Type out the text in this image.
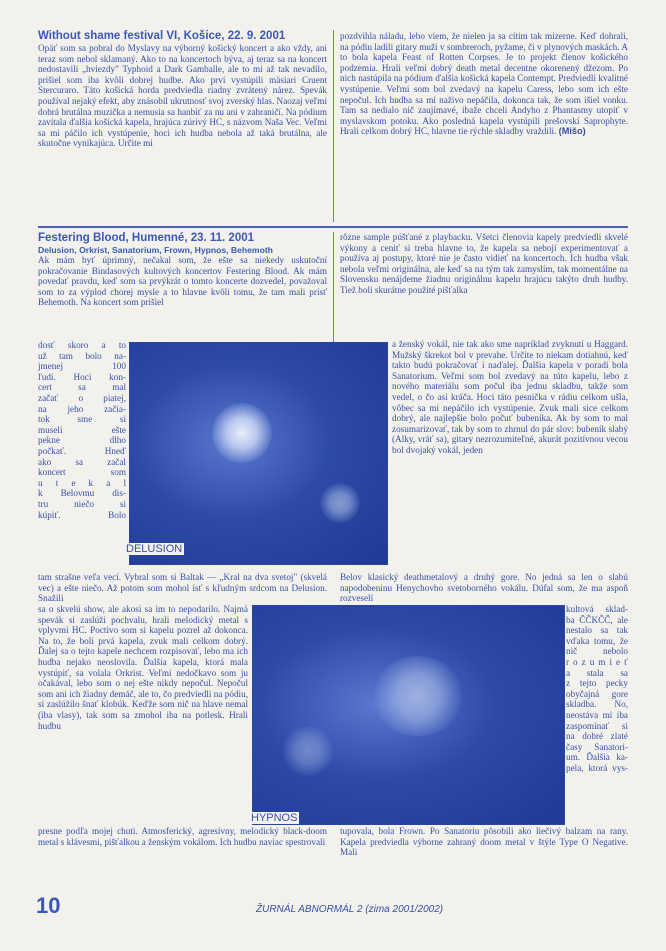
Without shame festival VI, Košice, 22. 9. 2001

Opäť som sa pobral do Myslavy na výborný košický koncert a ako vždy, ani teraz som nebol sklamaný. Ako to na koncertoch býva, aj teraz sa na koncert nedostavili „hviezdy" Typhoid a Dark Gamballe, ale to mi až tak nevadilo, prišiel som iba kvôli dobrej hudbe. Ako prví vystúpili mäsiari Cruent Stercuraro. Táto košická horda predviedla riadny zvrátený nárez. Spevák používal nejaký efekt, aby znásobil ukrutnosť svoj zverský hlas. Naozaj veľmi dobrá brutálna muzička a nemusia sa hanbiť za nu ani v zahraničí. Na pódium zavítala ďalšia košická kapela, hrajúca zúrivý HC, s názvom Naša Vec. Veľmi sa mi páčilo ich vystúpenie, hoci ich hudba nebola až taká brutálna, ale skutočne vynikajúca. Určite mi

pozdvihla náladu, lebo viem, že nielen ja sa cítim tak mizerne. Keď dohrali, na pódiu ladili gitary muži v sombreroch, pyžame, či v plynových maskách. A to bola kapela Feast of Rotten Corpses. Je to projekt členov košického podzemia. Hrali veľmi dobrý death metal decentne okorenený džezom. Po nich nastúpila na pódium ďalšia košická kapela Contempt. Predviedli kvalitné vystúpenie. Veľmi som bol zvedavý na kapelu Caress, lebo som ich ešte nepočul. Ich hudba sa mi naživo nepáčila, dokonca tak, že som išiel vonku. Tam sa nedialo nič zaujímavé, ibaže chceli Andyho z Phantasmy utopiť v myslavskom potoku. Ako posledná kapela vystúpili prešovskí Saprophyte. Hrali celkom dobrý HC, hlavne tie rýchle skladby vraždili. (Mišo)

Festering Blood, Humenné, 23. 11. 2001
Delusion, Orkrist, Sanatorium, Frown, Hypnos, Behemoth

Ak mám byť úprimný, nečakal som, že ešte sa niekedy uskutoční pokračovanie Bindasových kultových koncertov Festering Blood. Ak mám povedať pravdu, keď som sa prvýkrát o tomto koncerte dozvedel, považoval som to za výplod chorej mysle a to hlavne kvôli tomu, že tam mali prísť Behemoth. Na koncert som prišiel

dosť skoro a to
už tam bolo na-
jmenej 100
ľudí. Hoci kon-
cert sa mal
začať o piatej,
na jeho začia-
tok sme si
museli ešte
pekne dlho
počkať. Hneď
ako sa začal
koncert som
u t e k a l
k Belovmu dis-
tru niečo si
kúpiť. Bolo
DELUSION

tam strašne veľa vecí. Vybral som si Baltak — „Kral na dva svetoj" (skvelá vec) a ešte niečo. Až potom som mohol ísť s kľudným srdcom na Delusion. Snažili

sa o skvelú show, ale akosi sa im to nepodarilo. Najmä spevák si zaslúži pochvalu, hrali melodický metal s vplyvmi HC. Poctivo som si kapelu pozrel až dokonca. Na to, že boli prvá kapela, zvuk mali celkom dobrý. Ďalej sa o tejto kapele nechcem rozpisovať, lebo ma ich hudba nejako neoslovila. Ďalšia kapela, ktorá mala vystúpiť, sa volala Orkrist. Veľmi nedočkavo som ju očakával, lebo som o nej ešte nikdy nepočul. Nepočul som ani ich žiadny demáč, ale to, čo predviedli na pódiu, si zaslúžilo šnať klobúk. Keďže som nič na hlave nemal (iba vlasy), tak som sa zmohol iba na potlesk. Hrali hudbu

presne podľa mojej chuti. Atmosferický, agresívny, melodický black-doom metal s klávesmi, pišťalkou a ženským vokálom. Ich hudbu naviac spestrovali

rôzne sample púšťané z playbacku. Všetci členovia kapely predviedli skvelé výkony a ceniť si treba hlavne to, že kapela sa nebojí experimentovať a používa aj postupy, ktoré nie je často vidieť na koncertoch. Ich hudba však nebola veľmi originálna, ale keď sa na tým tak zamyslím, tak momentálne na Slovensku nenájdeme žiadnu originálnu kapelu hrajúcu takýto druh hudby. Tiež boli skurátne použité pišťalka

a ženský vokál, nie tak ako sme napríklad zvyknutí u Haggard. Mužský škrekot bol v prevahe. Určite to niekam dotiahnú, keď takto budú pokračovať i naďalej. Ďalšia kapela v poradí bola Sanatorium. Veľmi som bol zvedavý na túto kapelu, lebo z nového materiálu som počul iba jednu skladbu, takže som vedel, o čo asi kráča. Hoci táto pesnička v rádiu celkom ušla, vôbec sa mi nepáčilo ich vystúpenie. Zvuk mali sice celkom dobrý, ale najlepšie bolo počuť bubeníka. Ak by som to mal zosumarizovať, tak by som to zhrnul do pár slov: bubeník slabý (Alky, vráť sa), gitary nezrozumiteľné, akurát pozitívnou vecou bol dvojaký vokál, jeden

Belov klasický deathmetalový a druhý gore. No jedná sa len o slabú napodobeninu Henychovho svetoborného vokálu. Dúfal som, že ma aspoň rozveselí

kultová sklad-
ba ČČKČČ, ale
nestalo sa tak
vďaka tomu, že
nič nebolo
r o z u m i e ť
a stala sa
z tejto pecky
obyčajná gore
skladba. No,
neostáva mi iba
zaspomínať si
na dobré zlaté
časy Sanatori-
um. Ďalšia ka-
pela, ktorá vys-
HYPNOS

tupovala, bola Frown. Po Sanatoriu pôsobili ako liečivý balzam na rany. Kapela predviedla výborne zahraný doom metal v štýle Type O Negative. Mali

10	ŽURNÁL ABNORMÁL 2 (zima 2001/2002)
